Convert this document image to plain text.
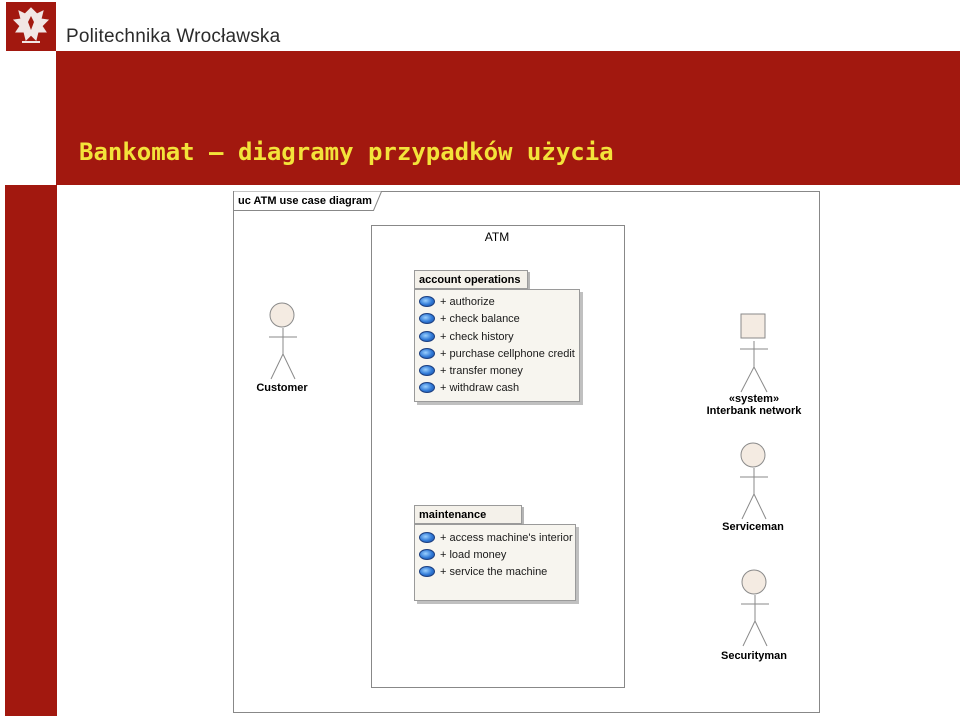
Politechnika Wrocławska
Bankomat – diagramy przypadków użycia
uc ATM use case diagram
ATM
account operations
+ authorize
+ check balance
+ check history
+ purchase cellphone credit
+ transfer money
+ withdraw cash
maintenance
+ access machine's interior
+ load money
+ service the machine
Customer
«system»
Interbank network
Serviceman
Securityman
